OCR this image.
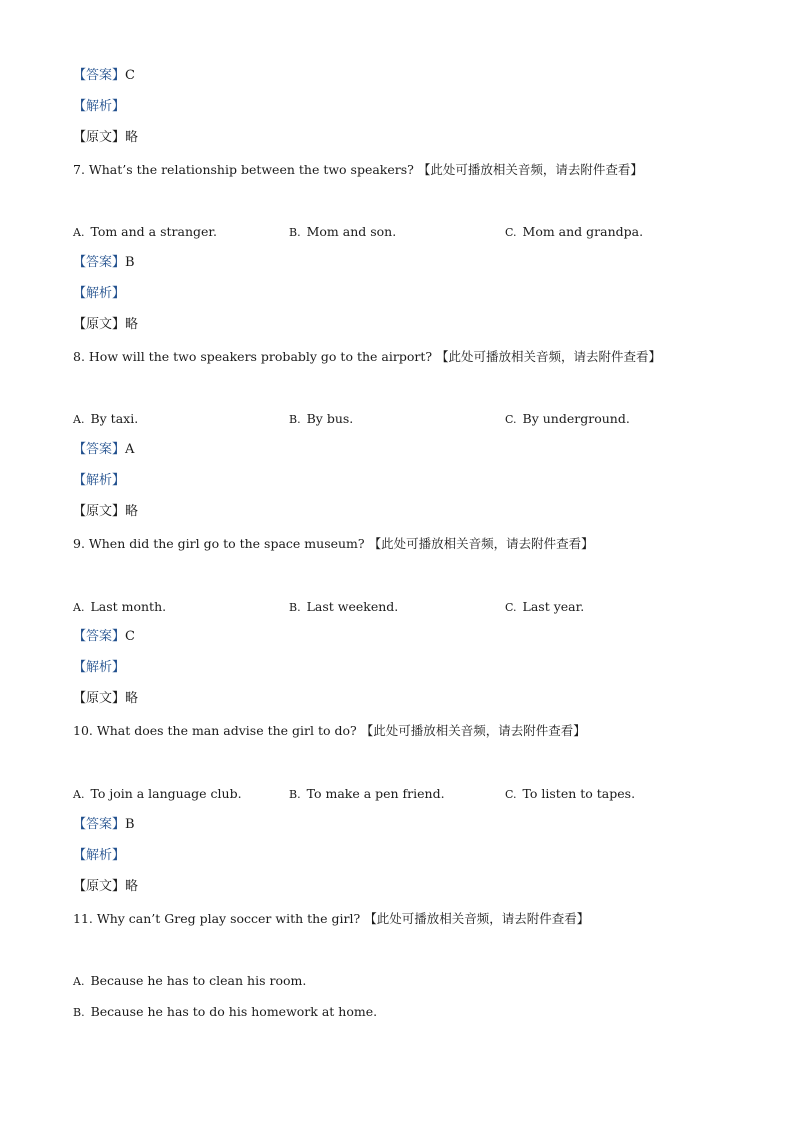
【答案】C
【解析】
【原文】略
7. What’s the relationship between the two speakers? 【此处可播放相关音频，请去附件查看】
A. Tom and a stranger.	B. Mom and son.	C. Mom and grandpa.
【答案】B
【解析】
【原文】略
8. How will the two speakers probably go to the airport? 【此处可播放相关音频，请去附件查看】
A. By taxi.	B. By bus.	C. By underground.
【答案】A
【解析】
【原文】略
9. When did the girl go to the space museum? 【此处可播放相关音频，请去附件查看】
A. Last month.	B. Last weekend.	C. Last year.
【答案】C
【解析】
【原文】略
10. What does the man advise the girl to do? 【此处可播放相关音频，请去附件查看】
A. To join a language club.	B. To make a pen friend.	C. To listen to tapes.
【答案】B
【解析】
【原文】略
11. Why can’t Greg play soccer with the girl? 【此处可播放相关音频，请去附件查看】
A. Because he has to clean his room.
B. Because he has to do his homework at home.
